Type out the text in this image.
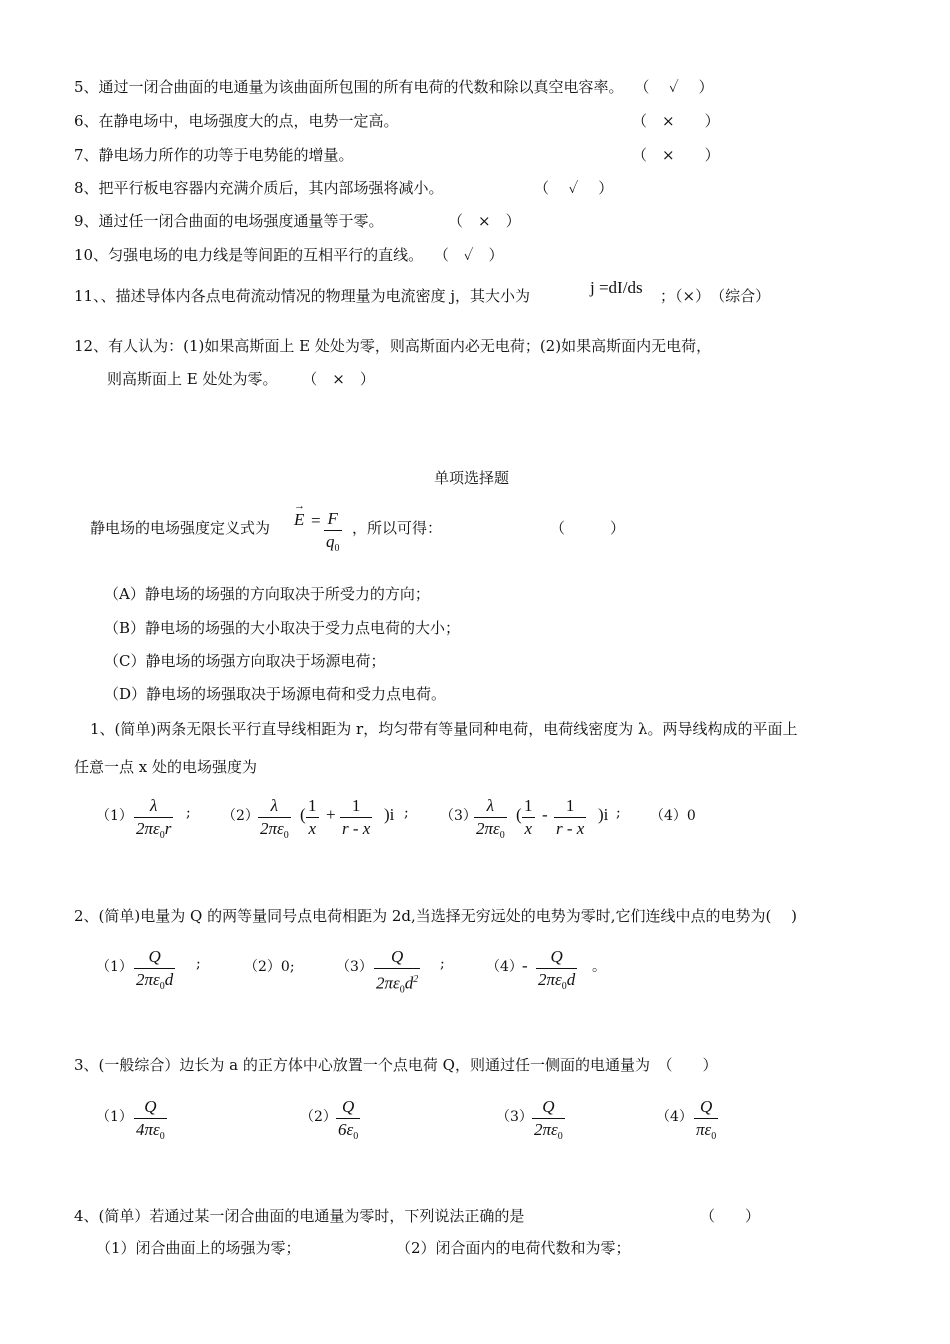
5、通过一闭合曲面的电通量为该曲面所包围的所有电荷的代数和除以真空电容率。 （　 ✓　 ）
6、在静电场中，电场强度大的点，电势一定高。	（　×　　）
7、静电场力所作的功等于电势能的增量。	（　×　　）
8、把平行板电容器内充满介质后，其内部场强将减小。	（　 ✓　 ）
9、通过任一闭合曲面的电场强度通量等于零。	（　×　）
10、匀强电场的电力线是等间距的互相平行的直线。 （　✓　）
11、、描述导体内各点电荷流动情况的物理量为电流密度 j，其大小为	j =dI/ds ；（×）　（综合）
12、有人认为：(1)如果高斯面上 E 处处为零，则高斯面内必无电荷；(2)如果高斯面内无电荷，
则高斯面上 E 处处为零。 （　×　）
单项选择题
静电场的电场强度定义式为 E
→
= F
$q_0$
，所以可得：	（　　　）
（A）静电场的场强的方向取决于所受力的方向；
（B）静电场的场强的大小取决于受力点电荷的大小；
（C）静电场的场强方向取决于场源电荷；
（D）静电场的场强取决于场源电荷和受力点电荷。
1、(简单)两条无限长平行直导线相距为 r，均匀带有等量同种电荷，电荷线密度为 λ。两导线构成的平面上
任意一点 x 处的电场强度为
（1）
λ
$2\pi\varepsilon_0r$
; （2）
λ
$2\pi\varepsilon_0$
( 1
x
+ 1
r - x
)i ; （3）
λ
$2\pi\varepsilon_0$
( 1
x
-	1
r - x
)i ; （4）0
2、(简单)电量为 Q 的两等量同号点电荷相距为 2d,当选择无穷远处的电势为零时,它们连线中点的电势为(　 )
（1）
Q
$2\pi\varepsilon_0d$
;	（2）0;	（3）
Q
$2\pi\varepsilon_0d^2$
;	（4） -	Q
$2\pi\varepsilon_0d$
。
3、(一般综合）边长为 a 的正方体中心放置一个点电荷 Q，则通过任一侧面的电通量为　（　　）
（1）
Q
$4\pi\varepsilon_0$
（2）
Q
$6\varepsilon_0$
（3）
Q
$2\pi\varepsilon_0$
（4）
Q
$\pi\varepsilon_0$
4、(简单）若通过某一闭合曲面的电通量为零时，下列说法正确的是	（　　）
（1）闭合曲面上的场强为零；	（2）闭合面内的电荷代数和为零；
